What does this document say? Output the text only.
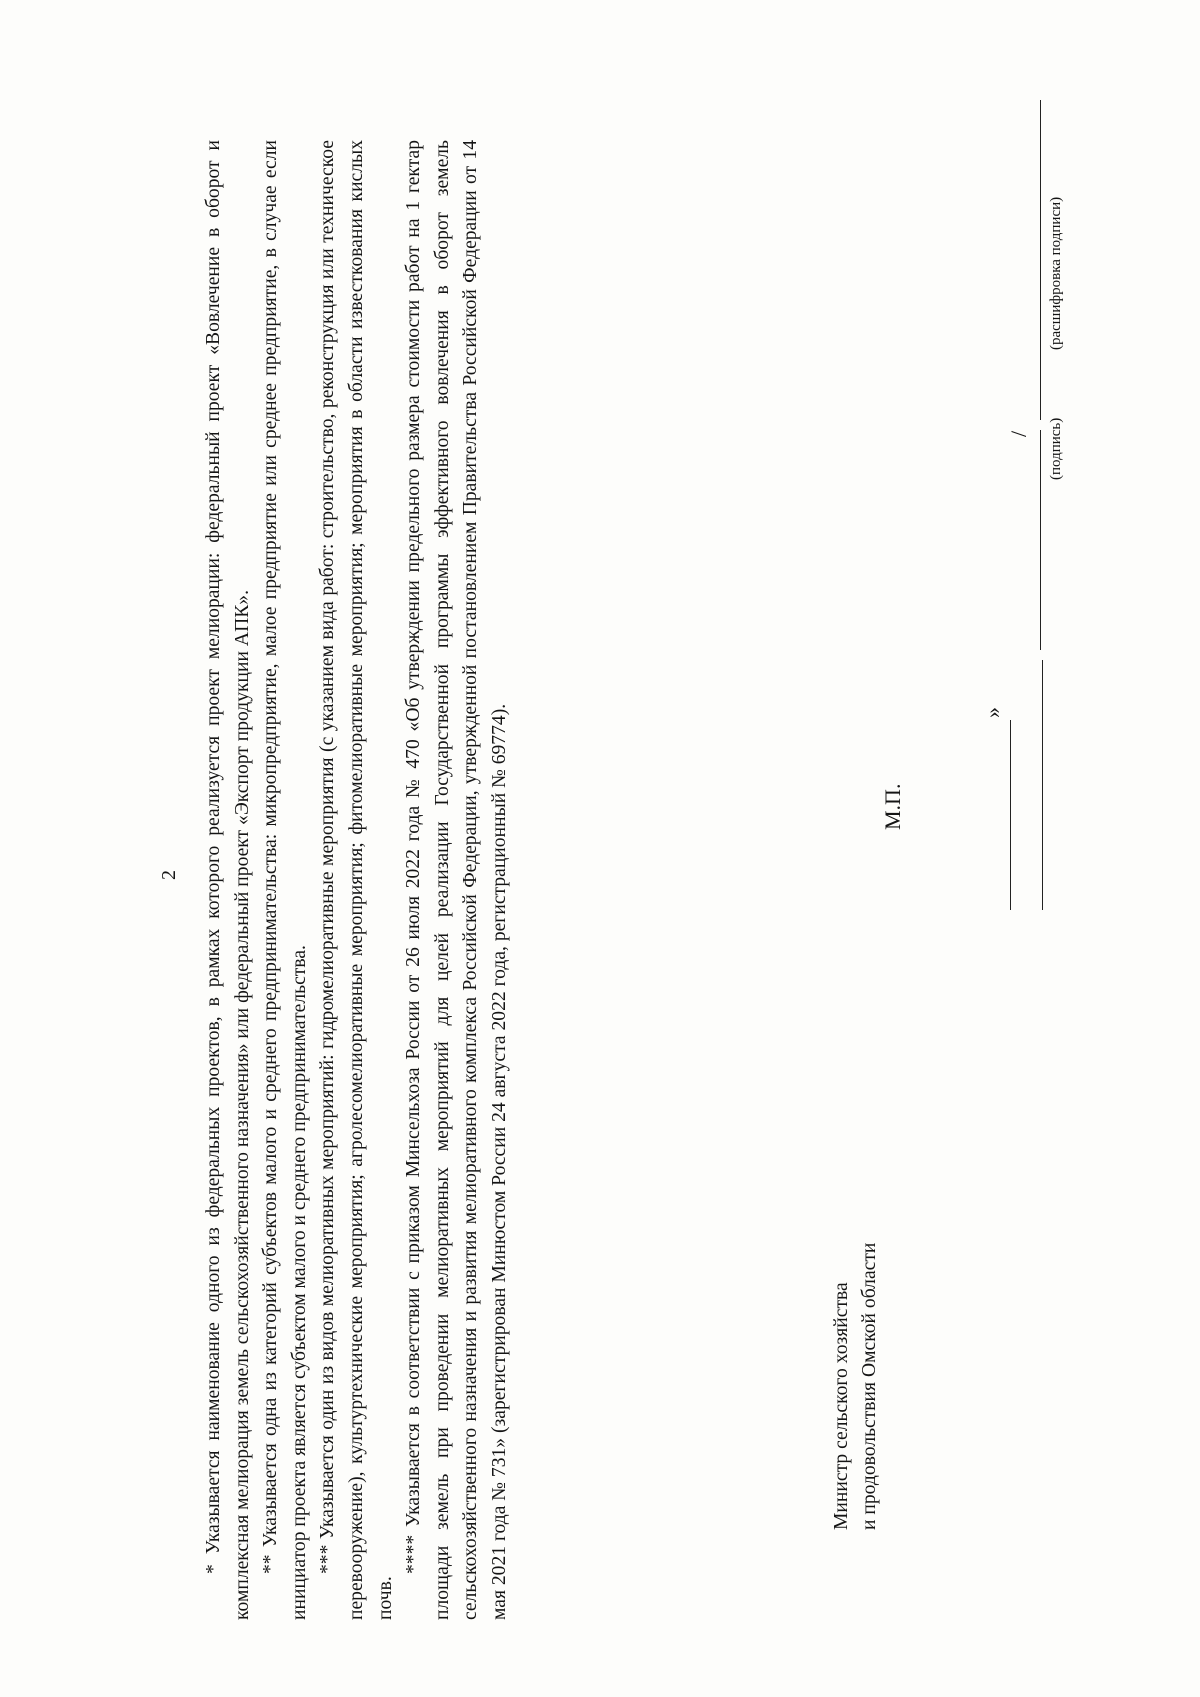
2 * Указывается наименование одного из федеральных проектов, в рамках которого реализуется проект мелиорации: федеральный проект «Вовлечение в оборот и комплексная мелиорация земель сельскохозяйственного назначения» или федеральный проект «Экспорт продукции АПК». ** Указывается одна из категорий субъектов малого и среднего предпринимательства: микропредприятие, малое предприятие или среднее предприятие, в случае если инициатор проекта является субъектом малого и среднего предпринимательства. *** Указывается один из видов мелиоративных мероприятий: гидромелиоративные мероприятия (с указанием вида работ: строительство, реконструкция или техническое перевооружение), культуртехнические мероприятия; агролесомелиоративные мероприятия; фитомелиоративные мероприятия; мероприятия в области известкования кислых почв.

**** Указывается в соответствии с приказом Минсельхоза России от 26 июля 2022 года № 470 «Об утверждении предельного размера стоимости работ на 1 гектар площади земель при проведении мелиоративных мероприятий для целей реализации Государственной программы эффективного вовлечения в оборот земель сельскохозяйственного назначения и развития мелиоративного комплекса Российской Федерации, утвержденной постановлением Правительства Российской Федерации от 14 мая 2021 года № 731» (зарегистрирован Минюстом России 24 августа 2022 года, регистрационный № 69774).	Министр сельского хозяйства и продовольствия Омской области
М.П.
»
/ (подпись)
(расшифровка подписи)
